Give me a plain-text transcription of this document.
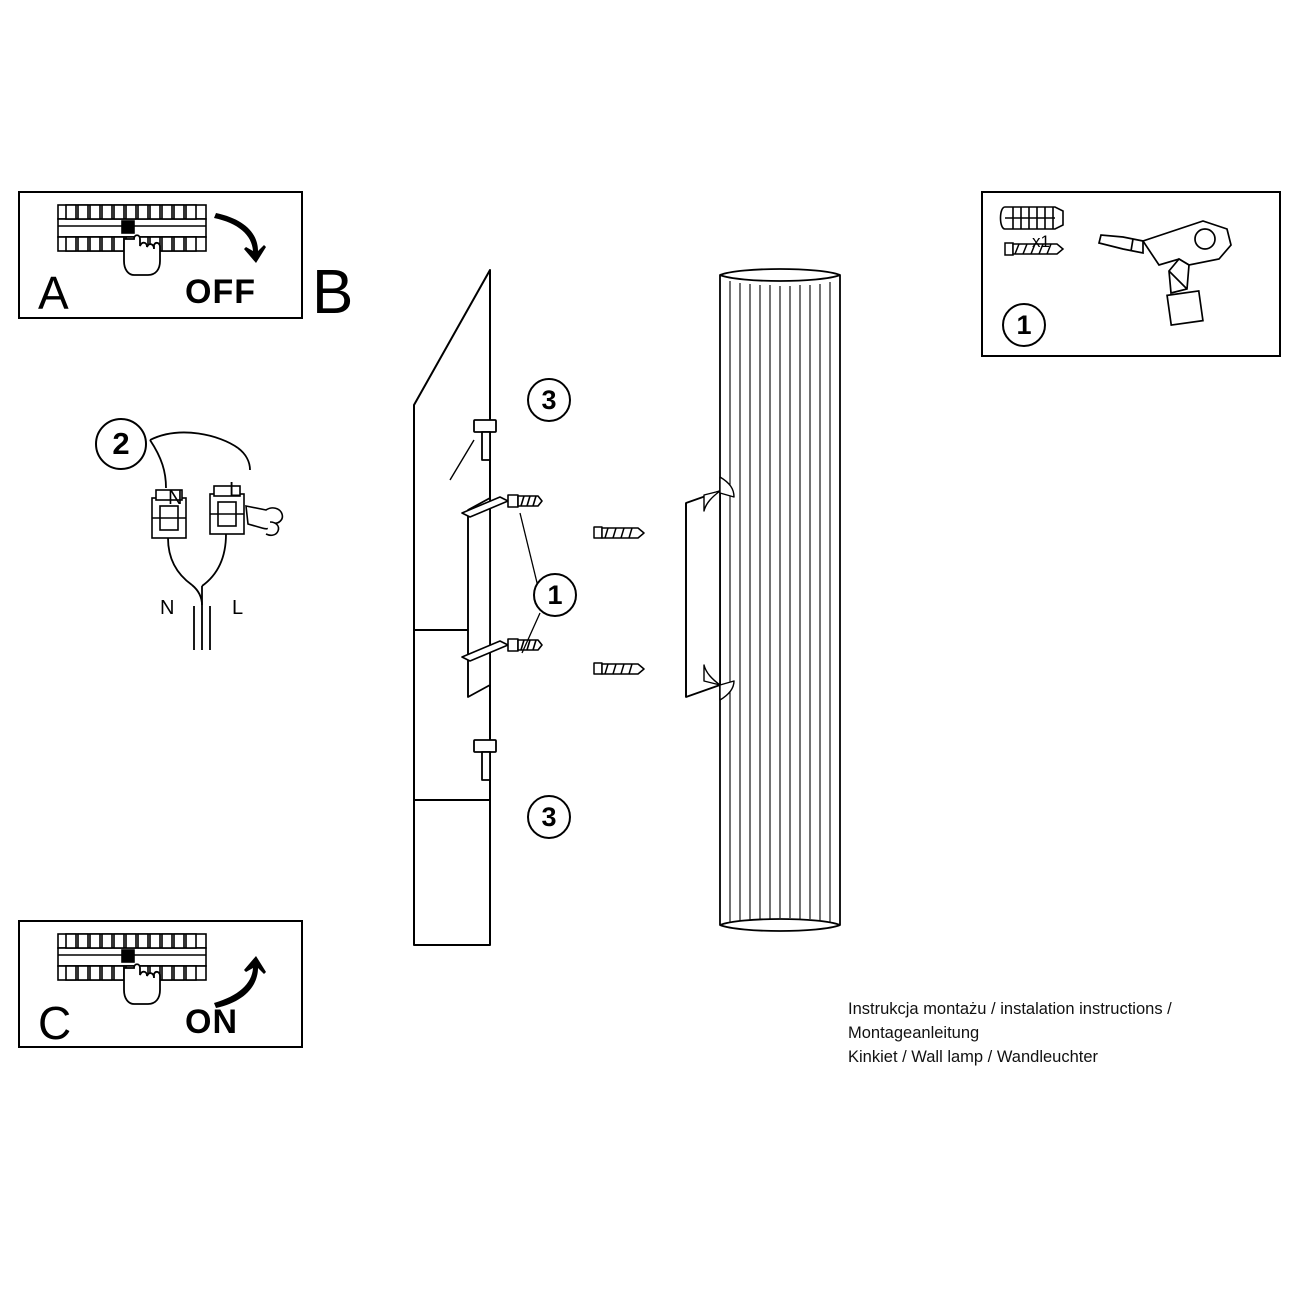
A	OFF
C	ON
x1
1
B
3
1
3
2
N L
N	L
Instrukcja montażu / instalation instructions / Montageanleitung
Kinkiet / Wall lamp / Wandleuchter
